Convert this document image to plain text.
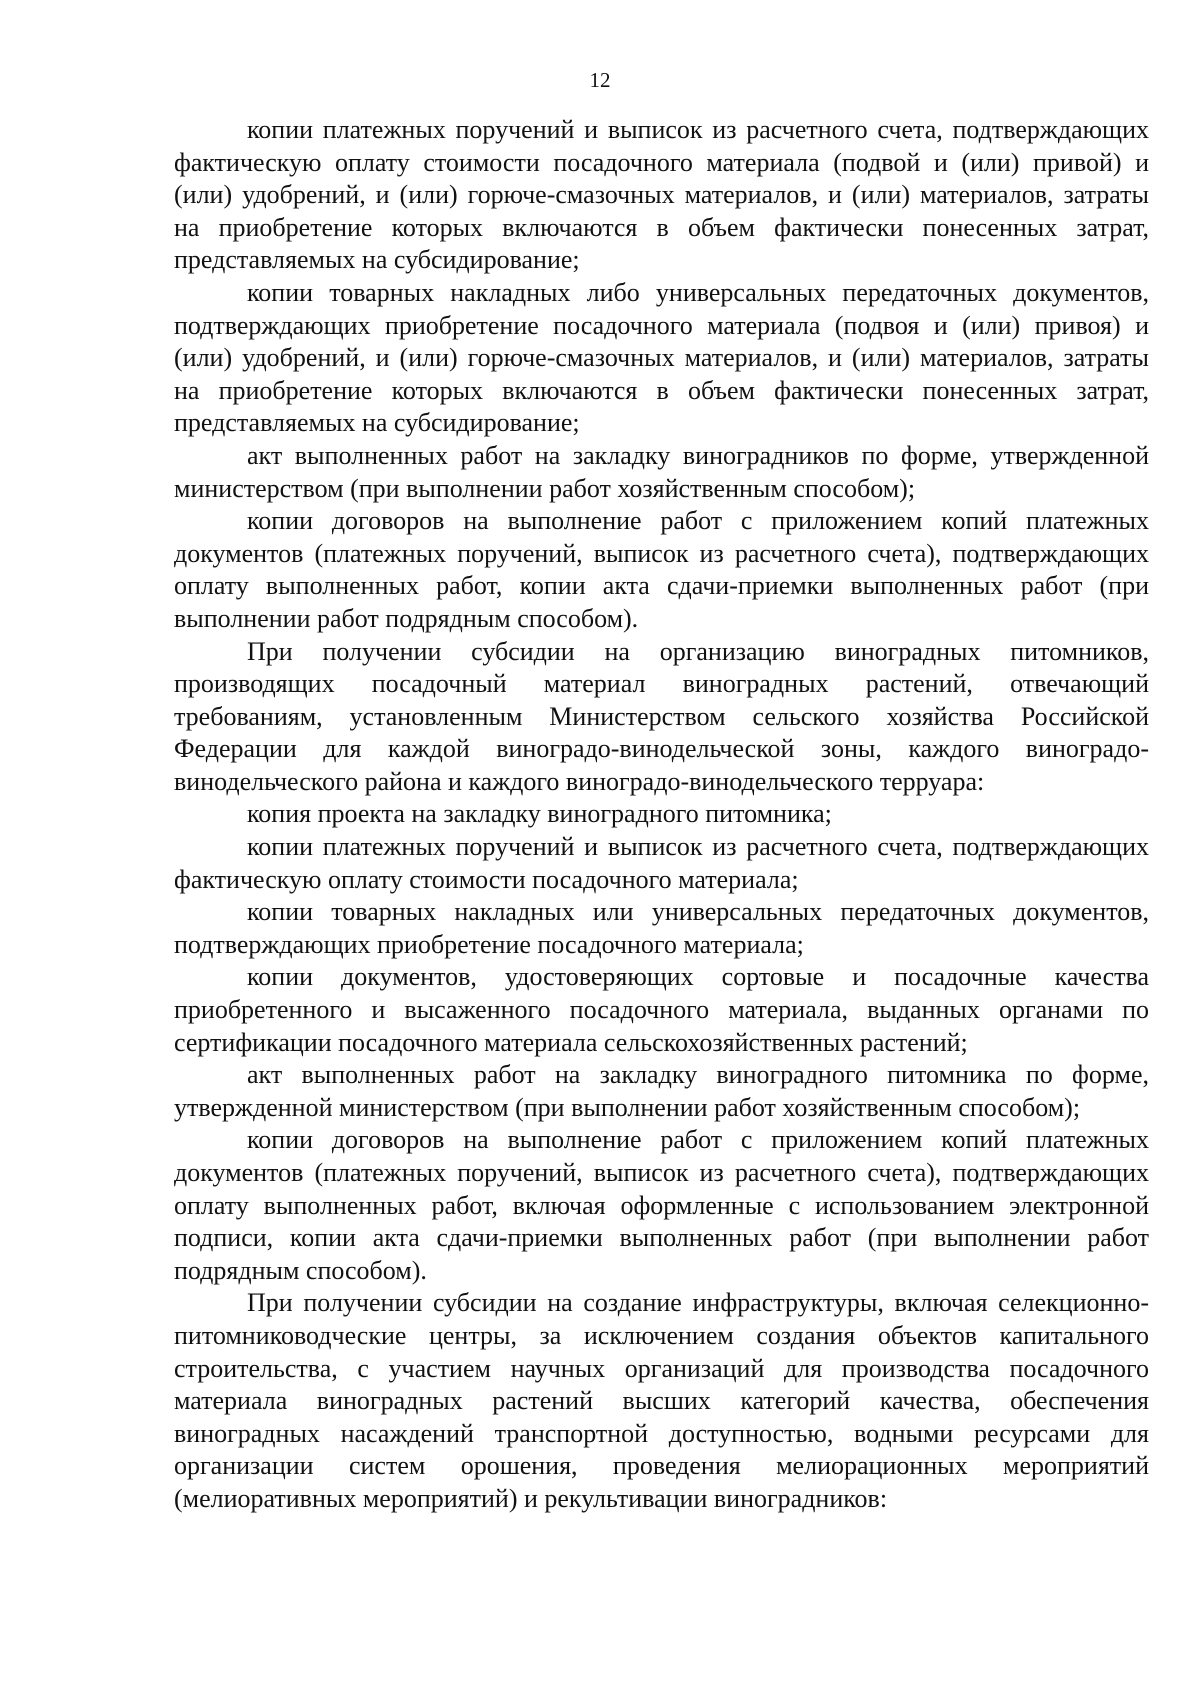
12

копии платежных поручений и выписок из расчетного счета, подтверждающих фактическую оплату стоимости посадочного материала (подвой и (или) привой) и (или) удобрений, и (или) горюче-смазочных материалов, и (или) материалов, затраты на приобретение которых включаются в объем фактически понесенных затрат, представляемых на субсидирование;

копии товарных накладных либо универсальных передаточных документов, подтверждающих приобретение посадочного материала (подвоя и (или) привоя) и (или) удобрений, и (или) горюче-смазочных материалов, и (или) материалов, затраты на приобретение которых включаются в объем фактически понесенных затрат, представляемых на субсидирование;

акт выполненных работ на закладку виноградников по форме, утвержденной министерством (при выполнении работ хозяйственным способом);

копии договоров на выполнение работ с приложением копий платежных документов (платежных поручений, выписок из расчетного счета), подтверждающих оплату выполненных работ, копии акта сдачи-приемки выполненных работ (при выполнении работ подрядным способом).

При получении субсидии на организацию виноградных питомников, производящих посадочный материал виноградных растений, отвечающий требованиям, установленным Министерством сельского хозяйства Российской Федерации для каждой виноградо-винодельческой зоны, каждого виноградо-винодельческого района и каждого виноградо-винодельческого терруара:

копия проекта на закладку виноградного питомника;

копии платежных поручений и выписок из расчетного счета, подтверждающих фактическую оплату стоимости посадочного материала;

копии товарных накладных или универсальных передаточных документов, подтверждающих приобретение посадочного материала;

копии документов, удостоверяющих сортовые и посадочные качества приобретенного и высаженного посадочного материала, выданных органами по сертификации посадочного материала сельскохозяйственных растений;

акт выполненных работ на закладку виноградного питомника по форме, утвержденной министерством (при выполнении работ хозяйственным способом);

копии договоров на выполнение работ с приложением копий платежных документов (платежных поручений, выписок из расчетного счета), подтверждающих оплату выполненных работ, включая оформленные с использованием электронной подписи, копии акта сдачи-приемки выполненных работ (при выполнении работ подрядным способом).

При получении субсидии на создание инфраструктуры, включая селекционно-питомниководческие центры, за исключением создания объектов капитального строительства, с участием научных организаций для производства посадочного материала виноградных растений высших категорий качества, обеспечения виноградных насаждений транспортной доступностью, водными ресурсами для организации систем орошения, проведения мелиорационных мероприятий (мелиоративных мероприятий) и рекультивации виноградников:
